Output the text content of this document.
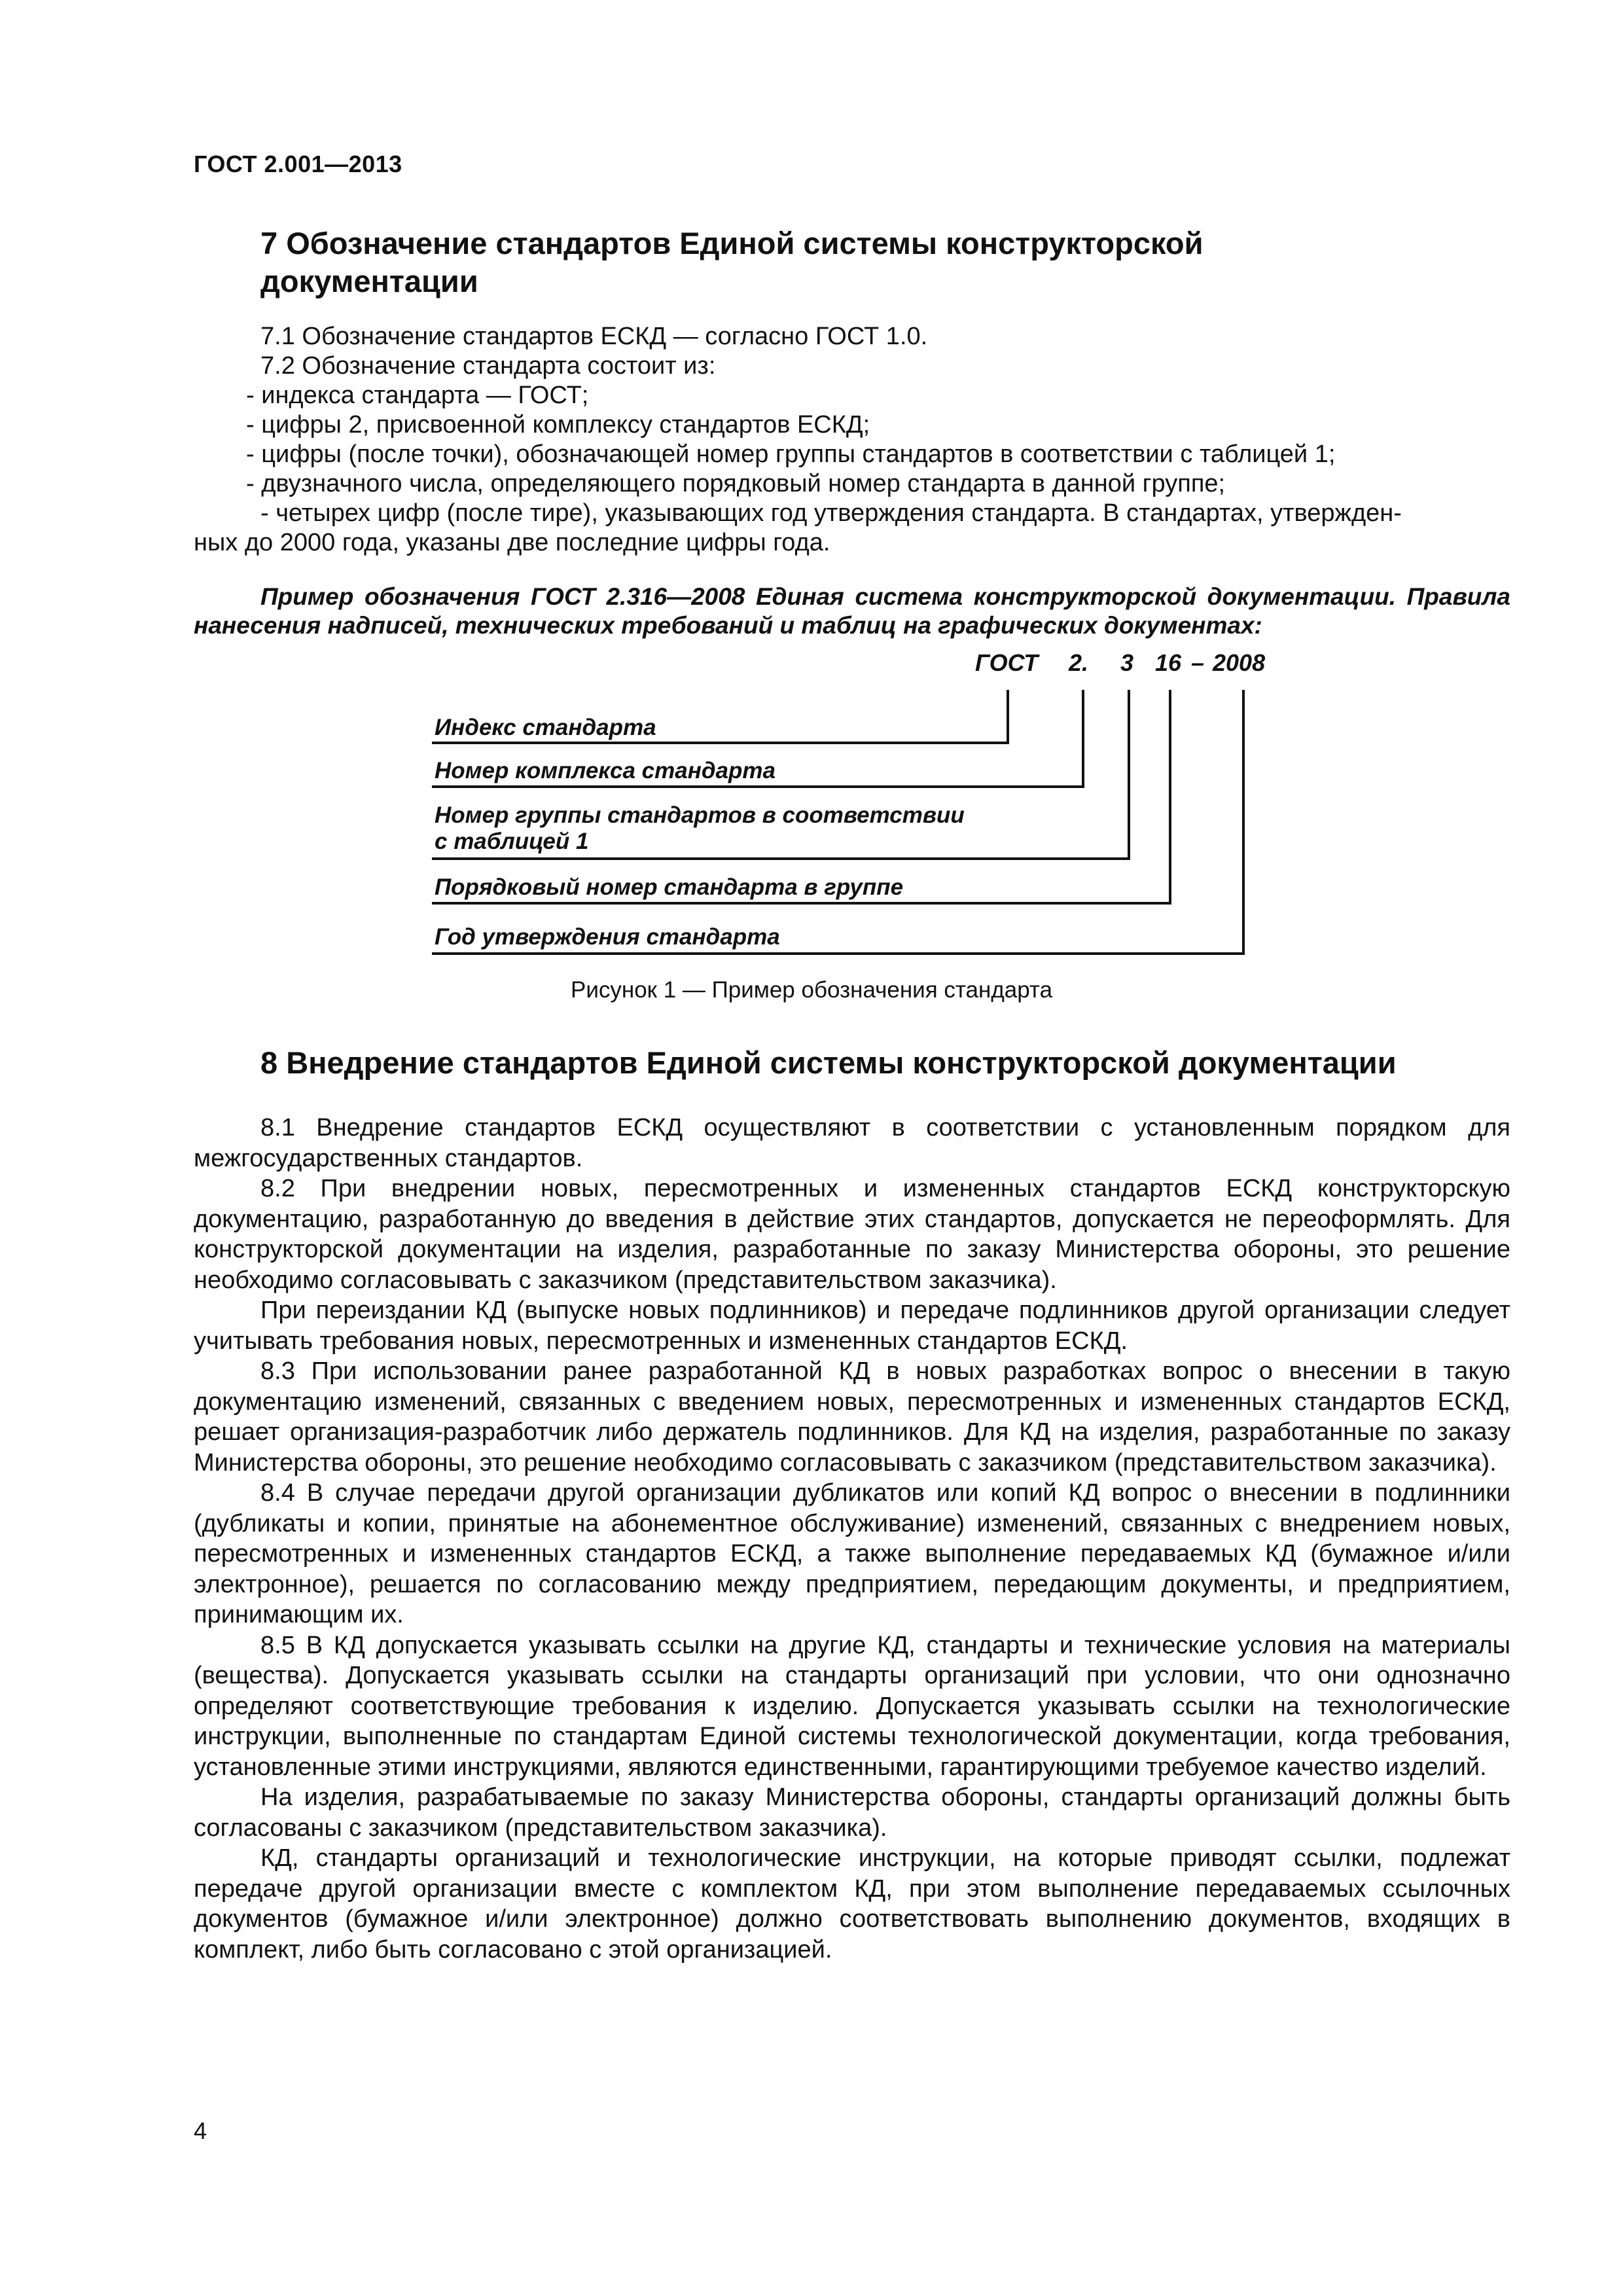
ГОСТ 2.001—2013
7 Обозначение стандартов Единой системы конструкторской
документации
7.1 Обозначение стандартов ЕСКД — согласно ГОСТ 1.0.
7.2 Обозначение стандарта состоит из:
- индекса стандарта — ГОСТ;
- цифры 2, присвоенной комплексу стандартов ЕСКД;
- цифры (после точки), обозначающей номер группы стандартов в соответствии с таблицей 1;
- двузначного числа, определяющего порядковый номер стандарта в данной группе;
- четырех цифр (после тире), указывающих год утверждения стандарта. В стандартах, утвержден-
ных до 2000 года, указаны две последние цифры года.

Пример обозначения ГОСТ 2.316—2008 Единая система конструкторской документации. Правила нанесения надписей, технических требований и таблиц на графических документах:

ГОСТ 2. 3 16 – 2008
Индекс стандарта
Номер комплекса стандарта
Номер группы стандартов в соответствии
с таблицей 1
Порядковый номер стандарта в группе
Год утверждения стандарта
Рисунок 1 — Пример обозначения стандарта
8 Внедрение стандартов Единой системы конструкторской документации

8.1 Внедрение стандартов ЕСКД осуществляют в соответствии с установленным порядком для межгосударственных стандартов.

8.2 При внедрении новых, пересмотренных и измененных стандартов ЕСКД конструкторскую документацию, разработанную до введения в действие этих стандартов, допускается не переоформлять. Для конструкторской документации на изделия, разработанные по заказу Министерства обороны, это решение необходимо согласовывать с заказчиком (представительством заказчика).

При переиздании КД (выпуске новых подлинников) и передаче подлинников другой организации следует учитывать требования новых, пересмотренных и измененных стандартов ЕСКД.

8.3 При использовании ранее разработанной КД в новых разработках вопрос о внесении в такую документацию изменений, связанных с введением новых, пересмотренных и измененных стандартов ЕСКД, решает организация-разработчик либо держатель подлинников. Для КД на изделия, разработанные по заказу Министерства обороны, это решение необходимо согласовывать с заказчиком (представительством заказчика).

8.4 В случае передачи другой организации дубликатов или копий КД вопрос о внесении в подлинники (дубликаты и копии, принятые на абонементное обслуживание) изменений, связанных с внедрением новых, пересмотренных и измененных стандартов ЕСКД, а также выполнение передаваемых КД (бумажное и/или электронное), решается по согласованию между предприятием, передающим документы, и предприятием, принимающим их.

8.5 В КД допускается указывать ссылки на другие КД, стандарты и технические условия на материалы (вещества). Допускается указывать ссылки на стандарты организаций при условии, что они однозначно определяют соответствующие требования к изделию. Допускается указывать ссылки на технологические инструкции, выполненные по стандартам Единой системы технологической документации, когда требования, установленные этими инструкциями, являются единственными, гарантирующими требуемое качество изделий.

На изделия, разрабатываемые по заказу Министерства обороны, стандарты организаций должны быть согласованы с заказчиком (представительством заказчика).

КД, стандарты организаций и технологические инструкции, на которые приводят ссылки, подлежат передаче другой организации вместе с комплектом КД, при этом выполнение передаваемых ссылочных документов (бумажное и/или электронное) должно соответствовать выполнению документов, входящих в комплект, либо быть согласовано с этой организацией.

4
